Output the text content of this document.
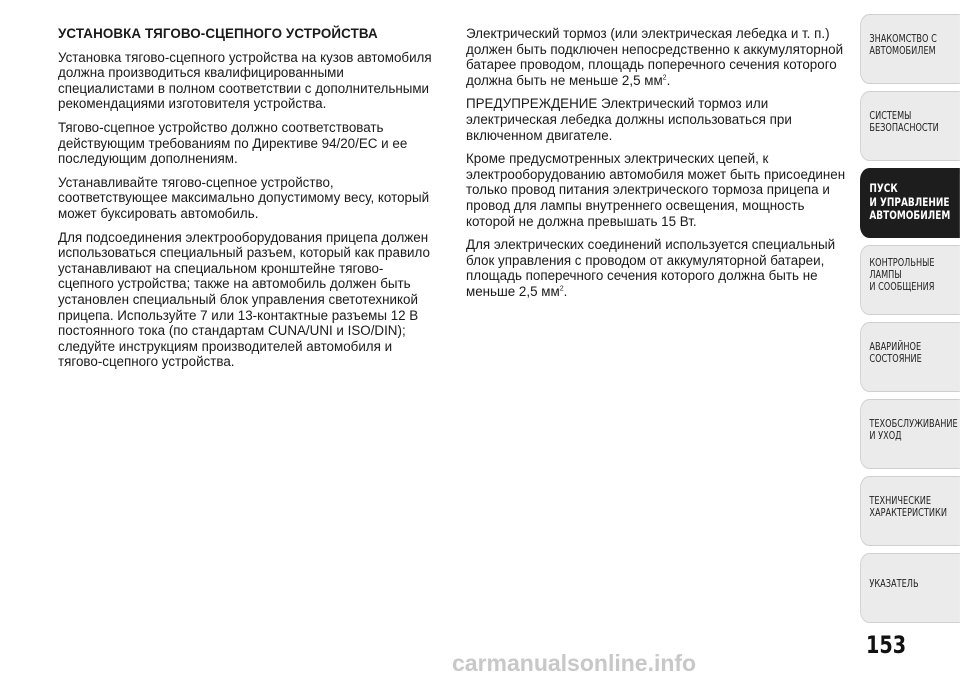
УСТАНОВКА ТЯГОВО-СЦЕПНОГО УСТРОЙСТВА

Установка тягово-сцепного устройства на кузов автомобиля должна производиться квалифицированными специалистами в полном соответствии с дополнительными рекомендациями изготовителя устройства.

Тягово-сцепное устройство должно соответствовать действующим требованиям по Директиве 94/20/EC и ее последующим дополнениям.

Устанавливайте тягово-сцепное устройство, соответствующее максимально допустимому весу, который может буксировать автомобиль.

Для подсоединения электрооборудования прицепа должен использоваться специальный разъем, который как правило устанавливают на специальном кронштейне тягово-сцепного устройства; также на автомобиль должен быть установлен специальный блок управления светотехникой прицепа. Используйте 7 или 13-контактные разъемы 12 В постоянного тока (по стандартам CUNA/UNI и ISO/DIN); следуйте инструкциям производителей автомобиля и тягово-сцепного устройства.

Электрический тормоз (или электрическая лебедка и т. п.) должен быть подключен непосредственно к аккумуляторной батарее проводом, площадь поперечного сечения которого должна быть не меньше 2,5 $мм^2$.

ПРЕДУПРЕЖДЕНИЕ Электрический тормоз или электрическая лебедка должны использоваться при включенном двигателе.

Кроме предусмотренных электрических цепей, к электрооборудованию автомобиля может быть присоединен только провод питания электрического тормоза прицепа и провод для лампы внутреннего освещения, мощность которой не должна превышать 15 Вт.

Для электрических соединений используется специальный блок управления с проводом от аккумуляторной батареи, площадь поперечного сечения которого должна быть не меньше 2,5 $мм^2$.

ЗНАКОМСТВО С
АВТОМОБИЛЕМ
СИСТЕМЫ
БЕЗОПАСНОСТИ
ПУСК
И УПРАВЛЕНИЕ
АВТОМОБИЛЕМ
КОНТРОЛЬНЫЕ
ЛАМПЫ
И СООБЩЕНИЯ
АВАРИЙНОЕ
СОСТОЯНИЕ
ТЕХОБСЛУЖИВАНИЕ
И УХОД
ТЕХНИЧЕСКИЕ
ХАРАКТЕРИСТИКИ
УКАЗАТЕЛЬ
153
carmanualsonline.info
